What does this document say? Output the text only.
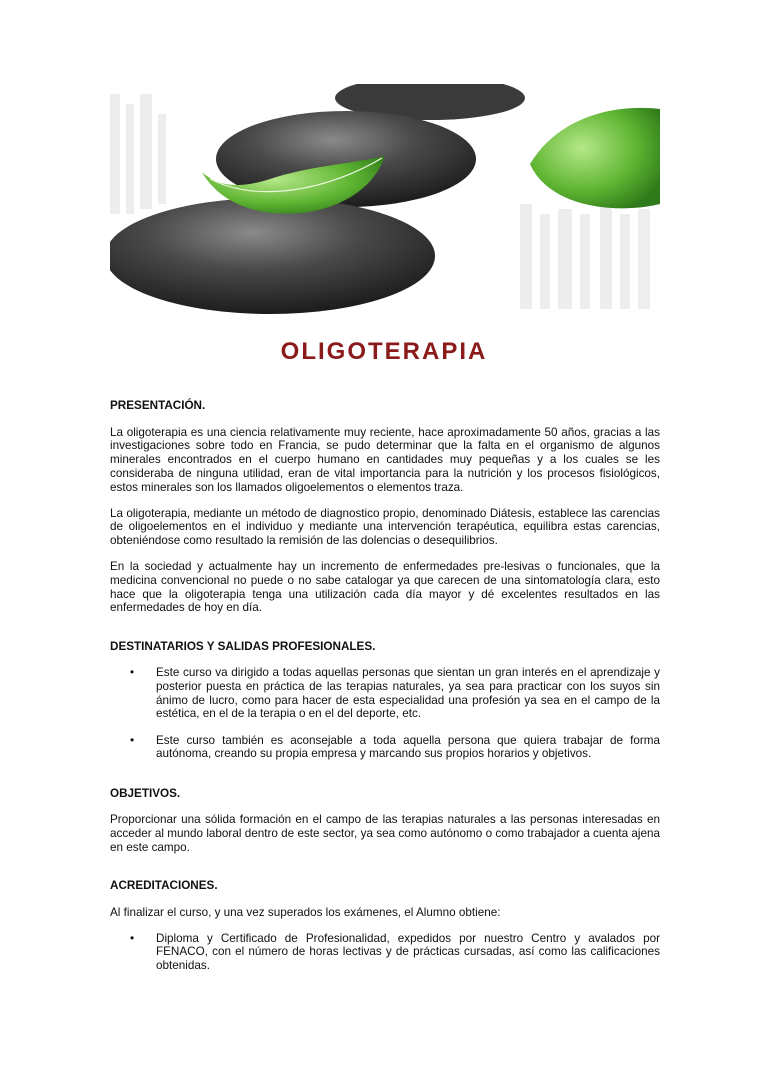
OLIGOTERAPIA
PRESENTACIÓN.

La oligoterapia es una ciencia relativamente muy reciente, hace aproximadamente 50 años, gracias a las investigaciones sobre todo en Francia, se pudo determinar que la falta en el organismo de algunos minerales encontrados en el cuerpo humano en cantidades muy pequeñas y a los cuales se les consideraba de ninguna utilidad, eran de vital importancia para la nutrición y los procesos fisiológicos, estos minerales son los llamados oligoelementos o elementos traza.

La oligoterapia, mediante un método de diagnostico propio, denominado Diátesis, establece las carencias de oligoelementos en el individuo y mediante una intervención terapéutica, equilibra estas carencias, obteniéndose como resultado la remisión de las dolencias o desequilibrios.

En la sociedad y actualmente hay un incremento de enfermedades pre-lesivas o funcionales, que la medicina convencional no puede o no sabe catalogar ya que carecen de una sintomatología clara, esto hace que la oligoterapia tenga una utilización cada día mayor y dé excelentes resultados en las enfermedades de hoy en día.

DESTINATARIOS Y SALIDAS PROFESIONALES.
• Este curso va dirigido a todas aquellas personas que sientan un gran interés en el aprendizaje y posterior puesta en práctica de las terapias naturales, ya sea para practicar con los suyos sin ánimo de lucro, como para hacer de esta especialidad una profesión ya sea en el campo de la estética, en el de la terapia o en el del deporte, etc.
• Este curso también es aconsejable a toda aquella persona que quiera trabajar de forma autónoma, creando su propia empresa y marcando sus propios horarios y objetivos.
OBJETIVOS.

Proporcionar una sólida formación en el campo de las terapias naturales a las personas interesadas en acceder al mundo laboral dentro de este sector, ya sea como autónomo o como trabajador a cuenta ajena en este campo.

ACREDITACIONES.

Al finalizar el curso, y una vez superados los exámenes, el Alumno obtiene:

• Diploma y Certificado de Profesionalidad, expedidos por nuestro Centro y avalados por FENACO, con el número de horas lectivas y de prácticas cursadas, así como las calificaciones obtenidas.
